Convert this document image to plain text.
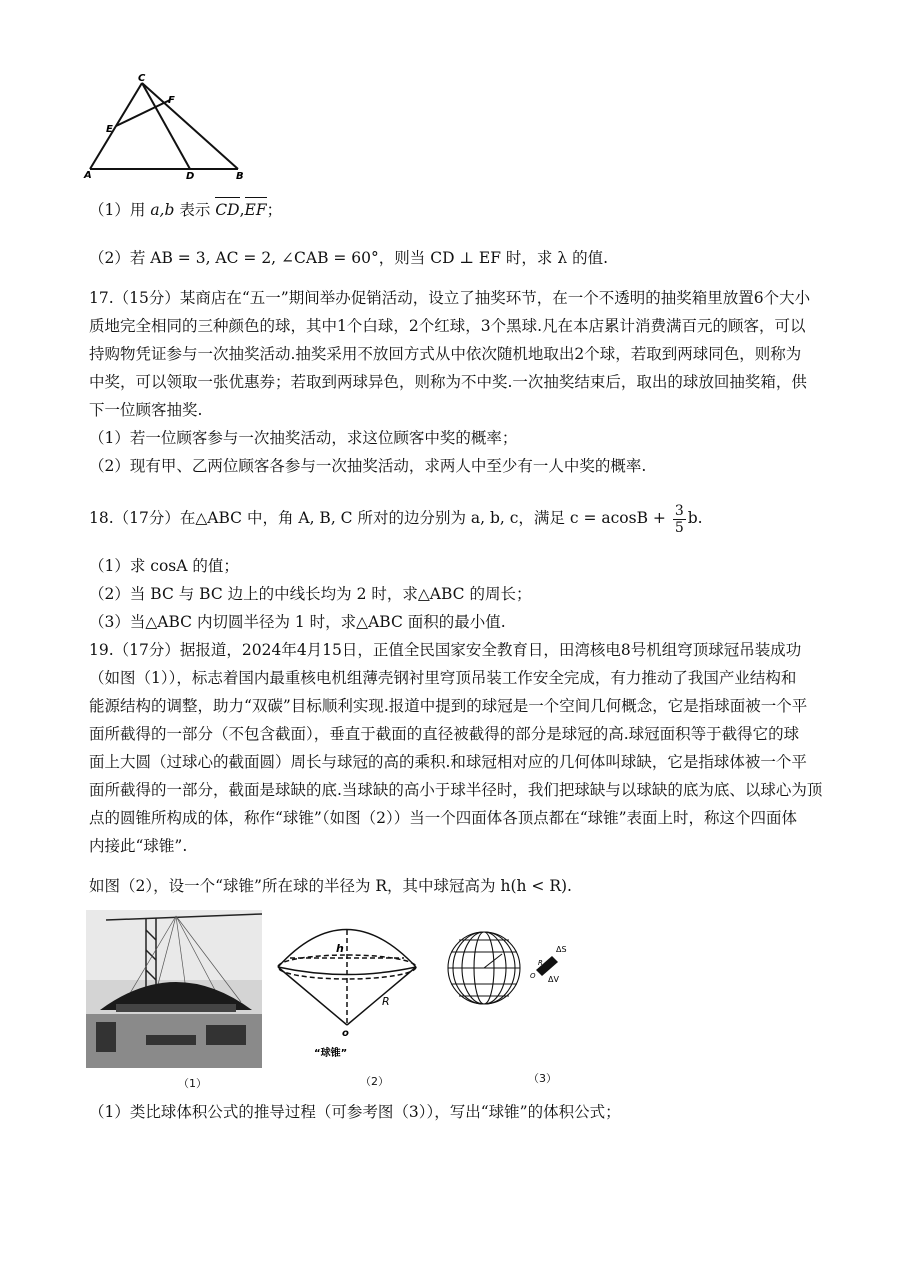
C
F
E
A	D	B
（1）用 a,b 表示 CD,EF；
（2）若 AB = 3, AC = 2, ∠CAB = 60°，则当 CD ⊥ EF 时，求 λ 的值.
17.（15分）某商店在“五一”期间举办促销活动，设立了抽奖环节，在一个不透明的抽奖箱里放置6个大小
质地完全相同的三种颜色的球，其中1个白球，2个红球，3个黑球.凡在本店累计消费满百元的顾客，可以
持购物凭证参与一次抽奖活动.抽奖采用不放回方式从中依次随机地取出2个球，若取到两球同色，则称为
中奖，可以领取一张优惠券；若取到两球异色，则称为不中奖.一次抽奖结束后，取出的球放回抽奖箱，供
下一位顾客抽奖.
（1）若一位顾客参与一次抽奖活动，求这位顾客中奖的概率；
（2）现有甲、乙两位顾客各参与一次抽奖活动，求两人中至少有一人中奖的概率.
18.（17分）在△ABC 中，角 A, B, C 所对的边分别为 a, b, c，满足 $c = acosB + \frac{3}{5} b$.
（1）求 cosA 的值；
（2）当 BC 与 BC 边上的中线长均为 2 时，求△ABC 的周长；
（3）当△ABC 内切圆半径为 1 时，求△ABC 面积的最小值.
19.（17分）据报道，2024年4月15日，正值全民国家安全教育日，田湾核电8号机组穹顶球冠吊装成功
（如图（1）），标志着国内最重核电机组薄壳钢衬里穹顶吊装工作安全完成，有力推动了我国产业结构和
能源结构的调整，助力“双碳”目标顺利实现.报道中提到的球冠是一个空间几何概念，它是指球面被一个平
面所截得的一部分（不包含截面），垂直于截面的直径被截得的部分是球冠的高.球冠面积等于截得它的球
面上大圆（过球心的截面圆）周长与球冠的高的乘积.和球冠相对应的几何体叫球缺，它是指球体被一个平
面所截得的一部分，截面是球缺的底.当球缺的高小于球半径时，我们把球缺与以球缺的底为底、以球心为顶
点的圆锥所构成的体，称作“球锥”（如图（2））当一个四面体各顶点都在“球锥”表面上时，称这个四面体
内接此“球锥”.
如图（2），设一个“球锥”所在球的半径为 R，其中球冠高为 h(h < R).
（1）
h
R
o
“球锥”
（2）
ΔS
R
ΔV
O
（3）
（1）类比球体积公式的推导过程（可参考图（3）），写出“球锥”的体积公式；
